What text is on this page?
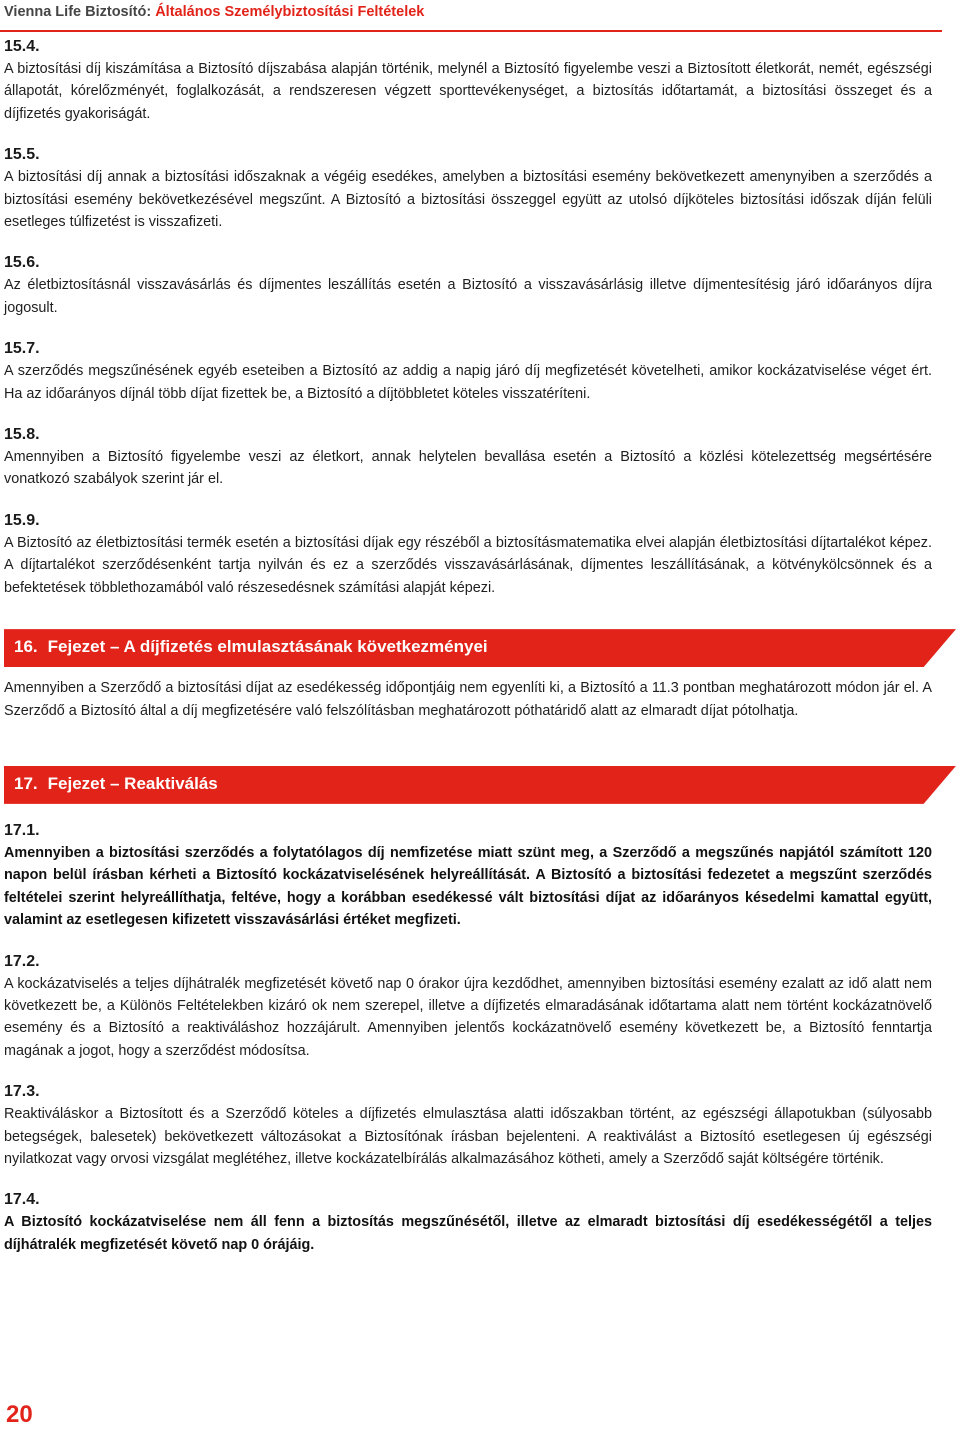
Vienna Life Biztosító: Általános Személybiztosítási Feltételek
15.4.
A biztosítási díj kiszámítása a Biztosító díjszabása alapján történik, melynél a Biztosító figyelembe veszi a Biztosított életkorát, nemét, egészségi állapotát, kórelőzményét, foglalkozását, a rendszeresen végzett sporttevékenységet, a biztosítás időtartamát, a biztosítási összeget és a díjfizetés gyakoriságát.
15.5.
A biztosítási díj annak a biztosítási időszaknak a végéig esedékes, amelyben a biztosítási esemény bekövetkezett amenynyiben a szerződés a biztosítási esemény bekövetkezésével megszűnt. A Biztosító a biztosítási összeggel együtt az utolsó díjköteles biztosítási időszak díján felüli esetleges túlfizetést is visszafizeti.
15.6.
Az életbiztosításnál visszavásárlás és díjmentes leszállítás esetén a Biztosító a visszavásárlásig illetve díjmentesítésig járó időarányos díjra jogosult.
15.7.
A szerződés megszűnésének egyéb eseteiben a Biztosító az addig a napig járó díj megfizetését követelheti, amikor kockázatviselése véget ért. Ha az időarányos díjnál több díjat fizettek be, a Biztosító a díjtöbbletet köteles visszatéríteni.
15.8.
Amennyiben a Biztosító figyelembe veszi az életkort, annak helytelen bevallása esetén a Biztosító a közlési kötelezettség megsértésére vonatkozó szabályok szerint jár el.
15.9.
A Biztosító az életbiztosítási termék esetén a biztosítási díjak egy részéből a biztosításmatematika elvei alapján életbiztosítási díjtartalékot képez. A díjtartalékot szerződésenként tartja nyilván és ez a szerződés visszavásárlásának, díjmentes leszállításának, a kötvénykölcsönnek és a befektetések többlethozamából való részesedésnek számítási alapját képezi.
16. Fejezet – A díjfizetés elmulasztásának következményei
Amennyiben a Szerződő a biztosítási díjat az esedékesség időpontjáig nem egyenlíti ki, a Biztosító a 11.3 pontban meghatározott módon jár el. A Szerződő a Biztosító által a díj megfizetésére való felszólításban meghatározott póthatáridő alatt az elmaradt díjat pótolhatja.
17. Fejezet – Reaktiválás
17.1.
Amennyiben a biztosítási szerződés a folytatólagos díj nemfizetése miatt szünt meg, a Szerződő a megszűnés napjától számított 120 napon belül írásban kérheti a Biztosító kockázatviselésének helyreállítását. A Biztosító a biztosítási fedezetet a megszűnt szerződés feltételei szerint helyreállíthatja, feltéve, hogy a korábban esedékessé vált biztosítási díjat az időarányos késedelmi kamattal együtt, valamint az esetlegesen kifizetett visszavásárlási értéket megfizeti.
17.2.
A kockázatviselés a teljes díjhátralék megfizetését követő nap 0 órakor újra kezdődhet, amennyiben biztosítási esemény ezalatt az idő alatt nem következett be, a Különös Feltételekben kizáró ok nem szerepel, illetve a díjfizetés elmaradásának időtartama alatt nem történt kockázatnövelő esemény és a Biztosító a reaktiváláshoz hozzájárult. Amennyiben jelentős kockázatnövelő esemény következett be, a Biztosító fenntartja magának a jogot, hogy a szerződést módosítsa.
17.3.
Reaktiváláskor a Biztosított és a Szerződő köteles a díjfizetés elmulasztása alatti időszakban történt, az egészségi állapotukban (súlyosabb betegségek, balesetek) bekövetkezett változásokat a Biztosítónak írásban bejelenteni. A reaktiválást a Biztosító esetlegesen új egészségi nyilatkozat vagy orvosi vizsgálat meglétéhez, illetve kockázatelbírálás alkalmazásához kötheti, amely a Szerződő saját költségére történik.
17.4.
A Biztosító kockázatviselése nem áll fenn a biztosítás megszűnésétől, illetve az elmaradt biztosítási díj esedékességétől a teljes díjhátralék megfizetését követő nap 0 órájáig.
20
